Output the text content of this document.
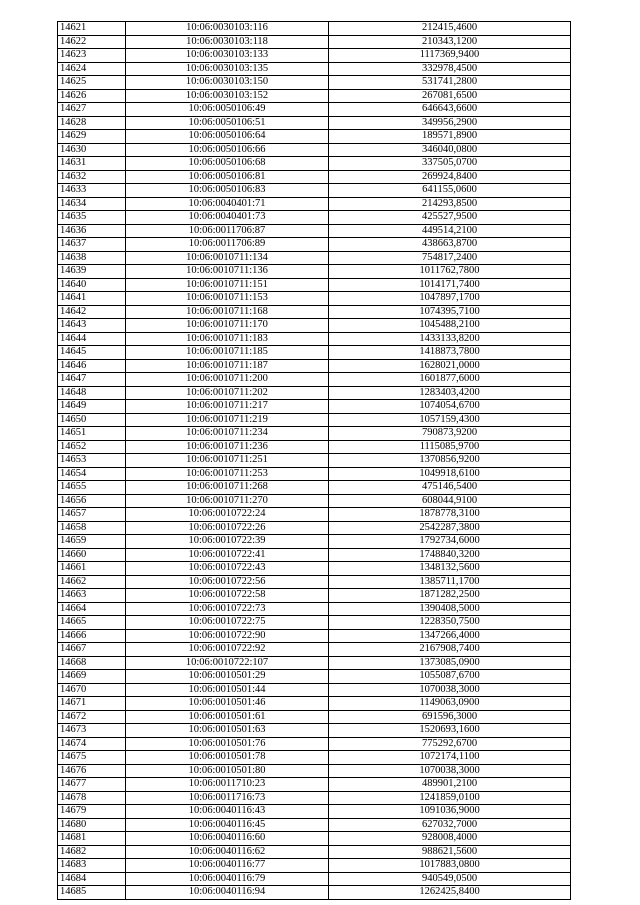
14621	10:06:0030103:116	212415,4600
14622	10:06:0030103:118	210343,1200
14623	10:06:0030103:133	1117369,9400
14624	10:06:0030103:135	332978,4500
14625	10:06:0030103:150	531741,2800
14626	10:06:0030103:152	267081,6500
14627	10:06:0050106:49	646643,6600
14628	10:06:0050106:51	349956,2900
14629	10:06:0050106:64	189571,8900
14630	10:06:0050106:66	346040,0800
14631	10:06:0050106:68	337505,0700
14632	10:06:0050106:81	269924,8400
14633	10:06:0050106:83	641155,0600
14634	10:06:0040401:71	214293,8500
14635	10:06:0040401:73	425527,9500
14636	10:06:0011706:87	449514,2100
14637	10:06:0011706:89	438663,8700
14638	10:06:0010711:134	754817,2400
14639	10:06:0010711:136	1011762,7800
14640	10:06:0010711:151	1014171,7400
14641	10:06:0010711:153	1047897,1700
14642	10:06:0010711:168	1074395,7100
14643	10:06:0010711:170	1045488,2100
14644	10:06:0010711:183	1433133,8200
14645	10:06:0010711:185	1418873,7800
14646	10:06:0010711:187	1628021,0000
14647	10:06:0010711:200	1601877,6000
14648	10:06:0010711:202	1283403,4200
14649	10:06:0010711:217	1074054,6700
14650	10:06:0010711:219	1057159,4300
14651	10:06:0010711:234	790873,9200
14652	10:06:0010711:236	1115085,9700
14653	10:06:0010711:251	1370856,9200
14654	10:06:0010711:253	1049918,6100
14655	10:06:0010711:268	475146,5400
14656	10:06:0010711:270	608044,9100
14657	10:06:0010722:24	1878778,3100
14658	10:06:0010722:26	2542287,3800
14659	10:06:0010722:39	1792734,6000
14660	10:06:0010722:41	1748840,3200
14661	10:06:0010722:43	1348132,5600
14662	10:06:0010722:56	1385711,1700
14663	10:06:0010722:58	1871282,2500
14664	10:06:0010722:73	1390408,5000
14665	10:06:0010722:75	1228350,7500
14666	10:06:0010722:90	1347266,4000
14667	10:06:0010722:92	2167908,7400
14668	10:06:0010722:107	1373085,0900
14669	10:06:0010501:29	1055087,6700
14670	10:06:0010501:44	1070038,3000
14671	10:06:0010501:46	1149063,0900
14672	10:06:0010501:61	691596,3000
14673	10:06:0010501:63	1520693,1600
14674	10:06:0010501:76	775292,6700
14675	10:06:0010501:78	1072174,1100
14676	10:06:0010501:80	1070038,3000
14677	10:06:0011710:23	489901,2100
14678	10:06:0011716:73	1241859,0100
14679	10:06:0040116:43	1091036,9000
14680	10:06:0040116:45	627032,7000
14681	10:06:0040116:60	928008,4000
14682	10:06:0040116:62	988621,5600
14683	10:06:0040116:77	1017883,0800
14684	10:06:0040116:79	940549,0500
14685	10:06:0040116:94	1262425,8400
